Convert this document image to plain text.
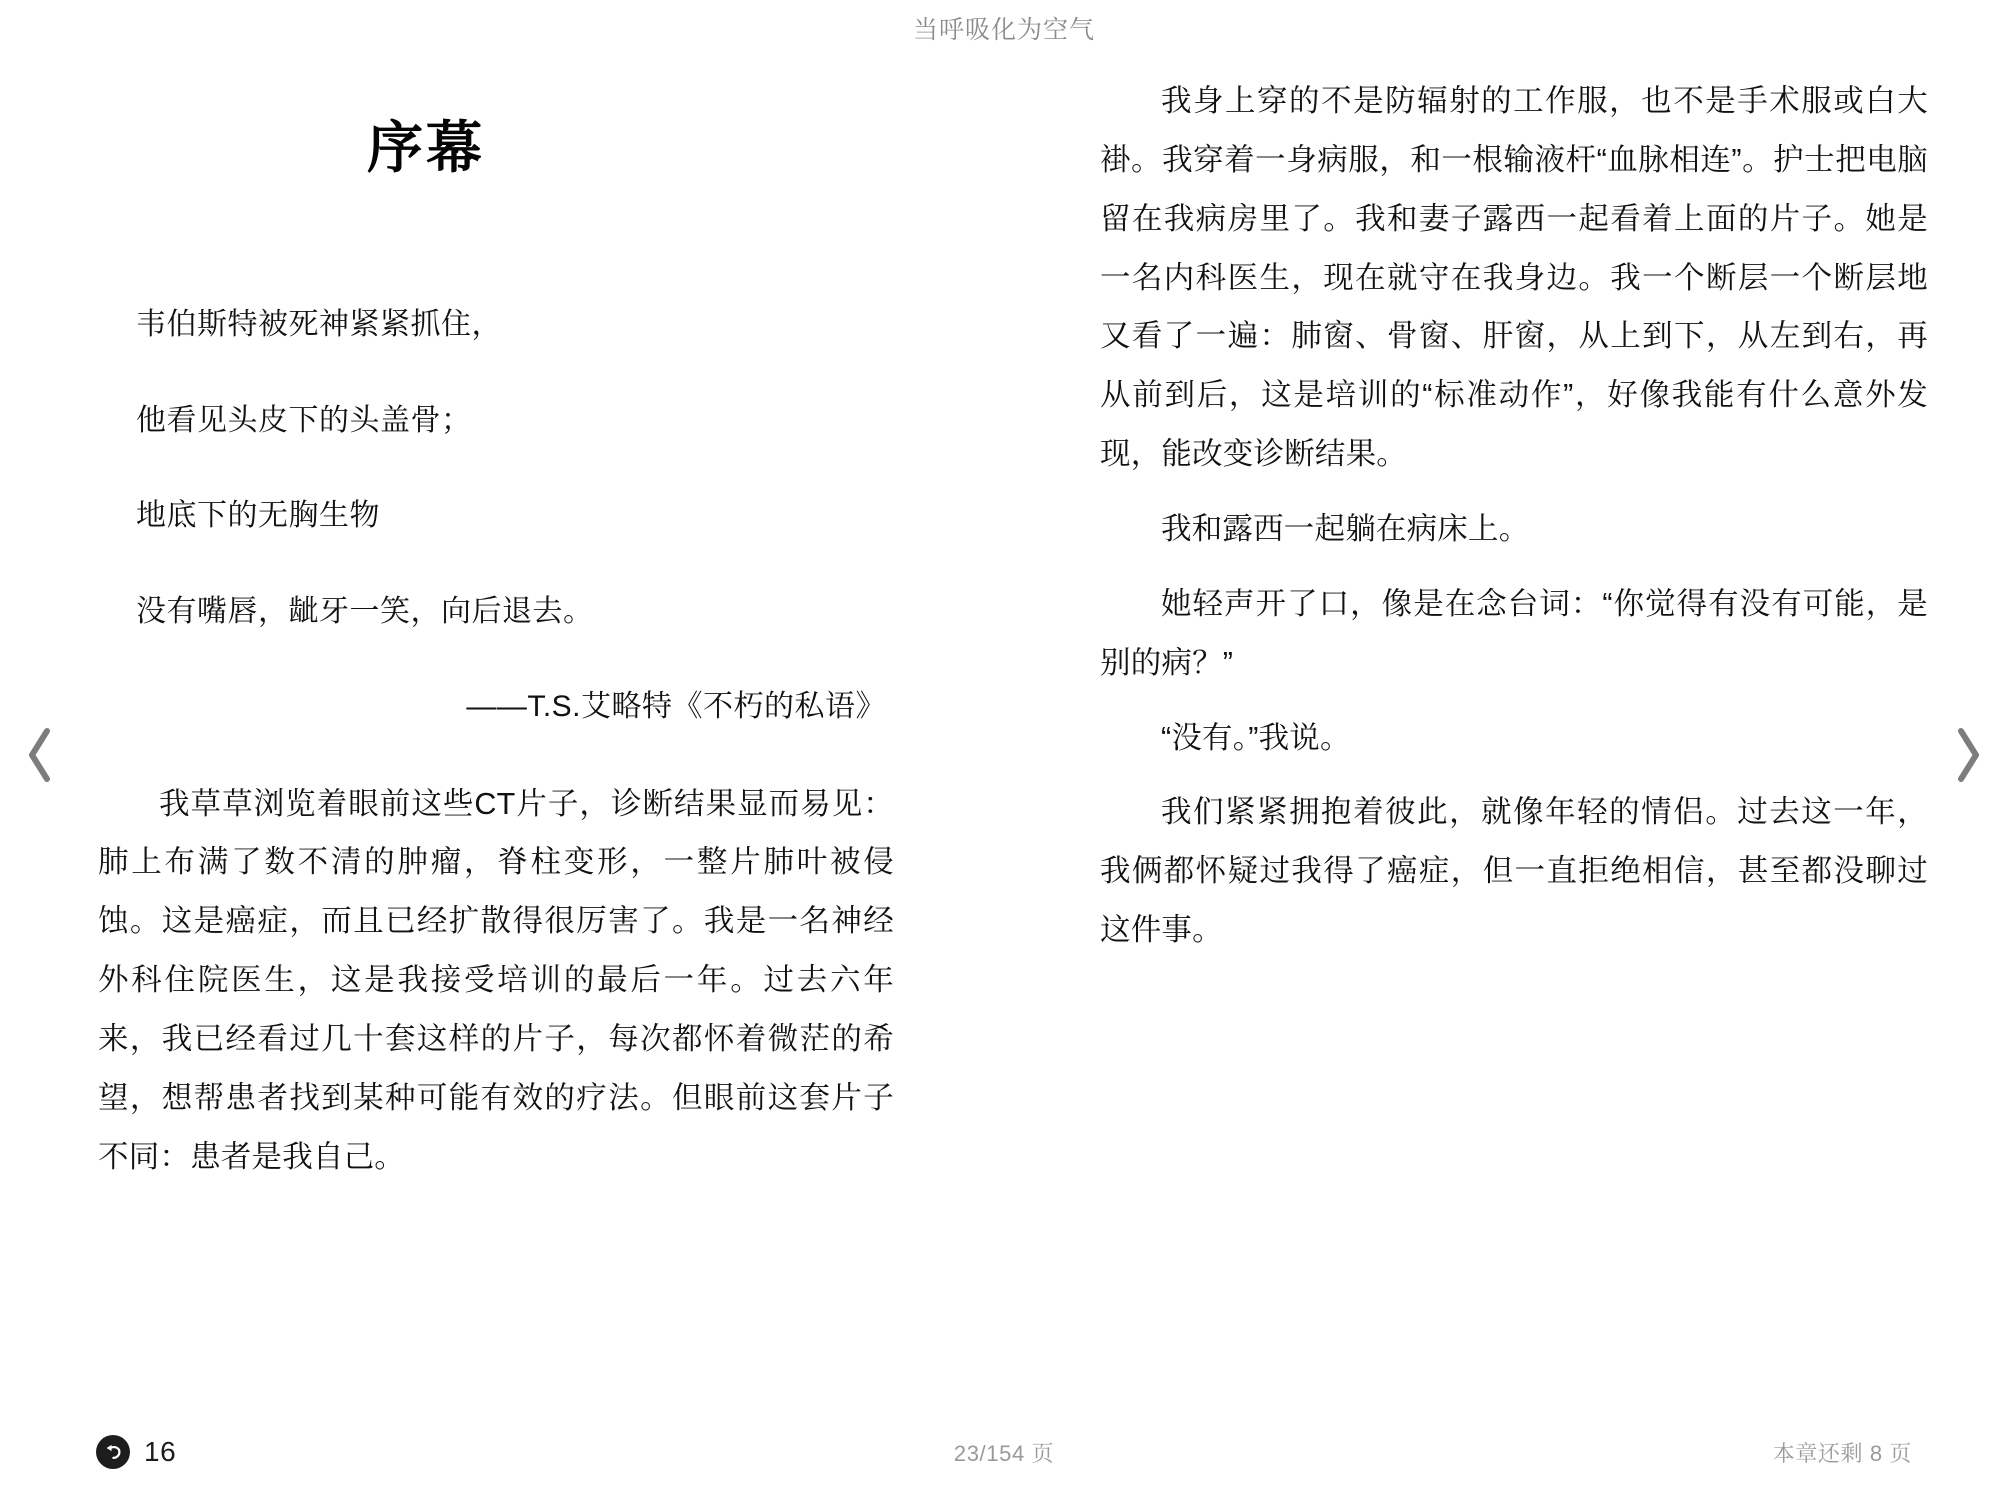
当呼吸化为空气
序幕

韦伯斯特被死神紧紧抓住，

他看见头皮下的头盖骨；

地底下的无胸生物

没有嘴唇，龇牙一笑，向后退去。

——T.S.艾略特《不朽的私语》

我草草浏览着眼前这些CT片子，诊断结果显而易见：肺上布满了数不清的肿瘤，脊柱变形，一整片肺叶被侵蚀。这是癌症，而且已经扩散得很厉害了。我是一名神经外科住院医生，这是我接受培训的最后一年。过去六年来，我已经看过几十套这样的片子，每次都怀着微茫的希望，想帮患者找到某种可能有效的疗法。但眼前这套片子不同：患者是我自己。

我身上穿的不是防辐射的工作服，也不是手术服或白大褂。我穿着一身病服，和一根输液杆“血脉相连”。护士把电脑留在我病房里了。我和妻子露西一起看着上面的片子。她是一名内科医生，现在就守在我身边。我一个断层一个断层地又看了一遍：肺窗、骨窗、肝窗，从上到下，从左到右，再从前到后，这是培训的“标准动作”，好像我能有什么意外发现，能改变诊断结果。

我和露西一起躺在病床上。

她轻声开了口，像是在念台词：“你觉得有没有可能，是别的病？”

“没有。”我说。

我们紧紧拥抱着彼此，就像年轻的情侣。过去这一年，我俩都怀疑过我得了癌症，但一直拒绝相信，甚至都没聊过这件事。

16	23/154 页	本章还剩 8 页
